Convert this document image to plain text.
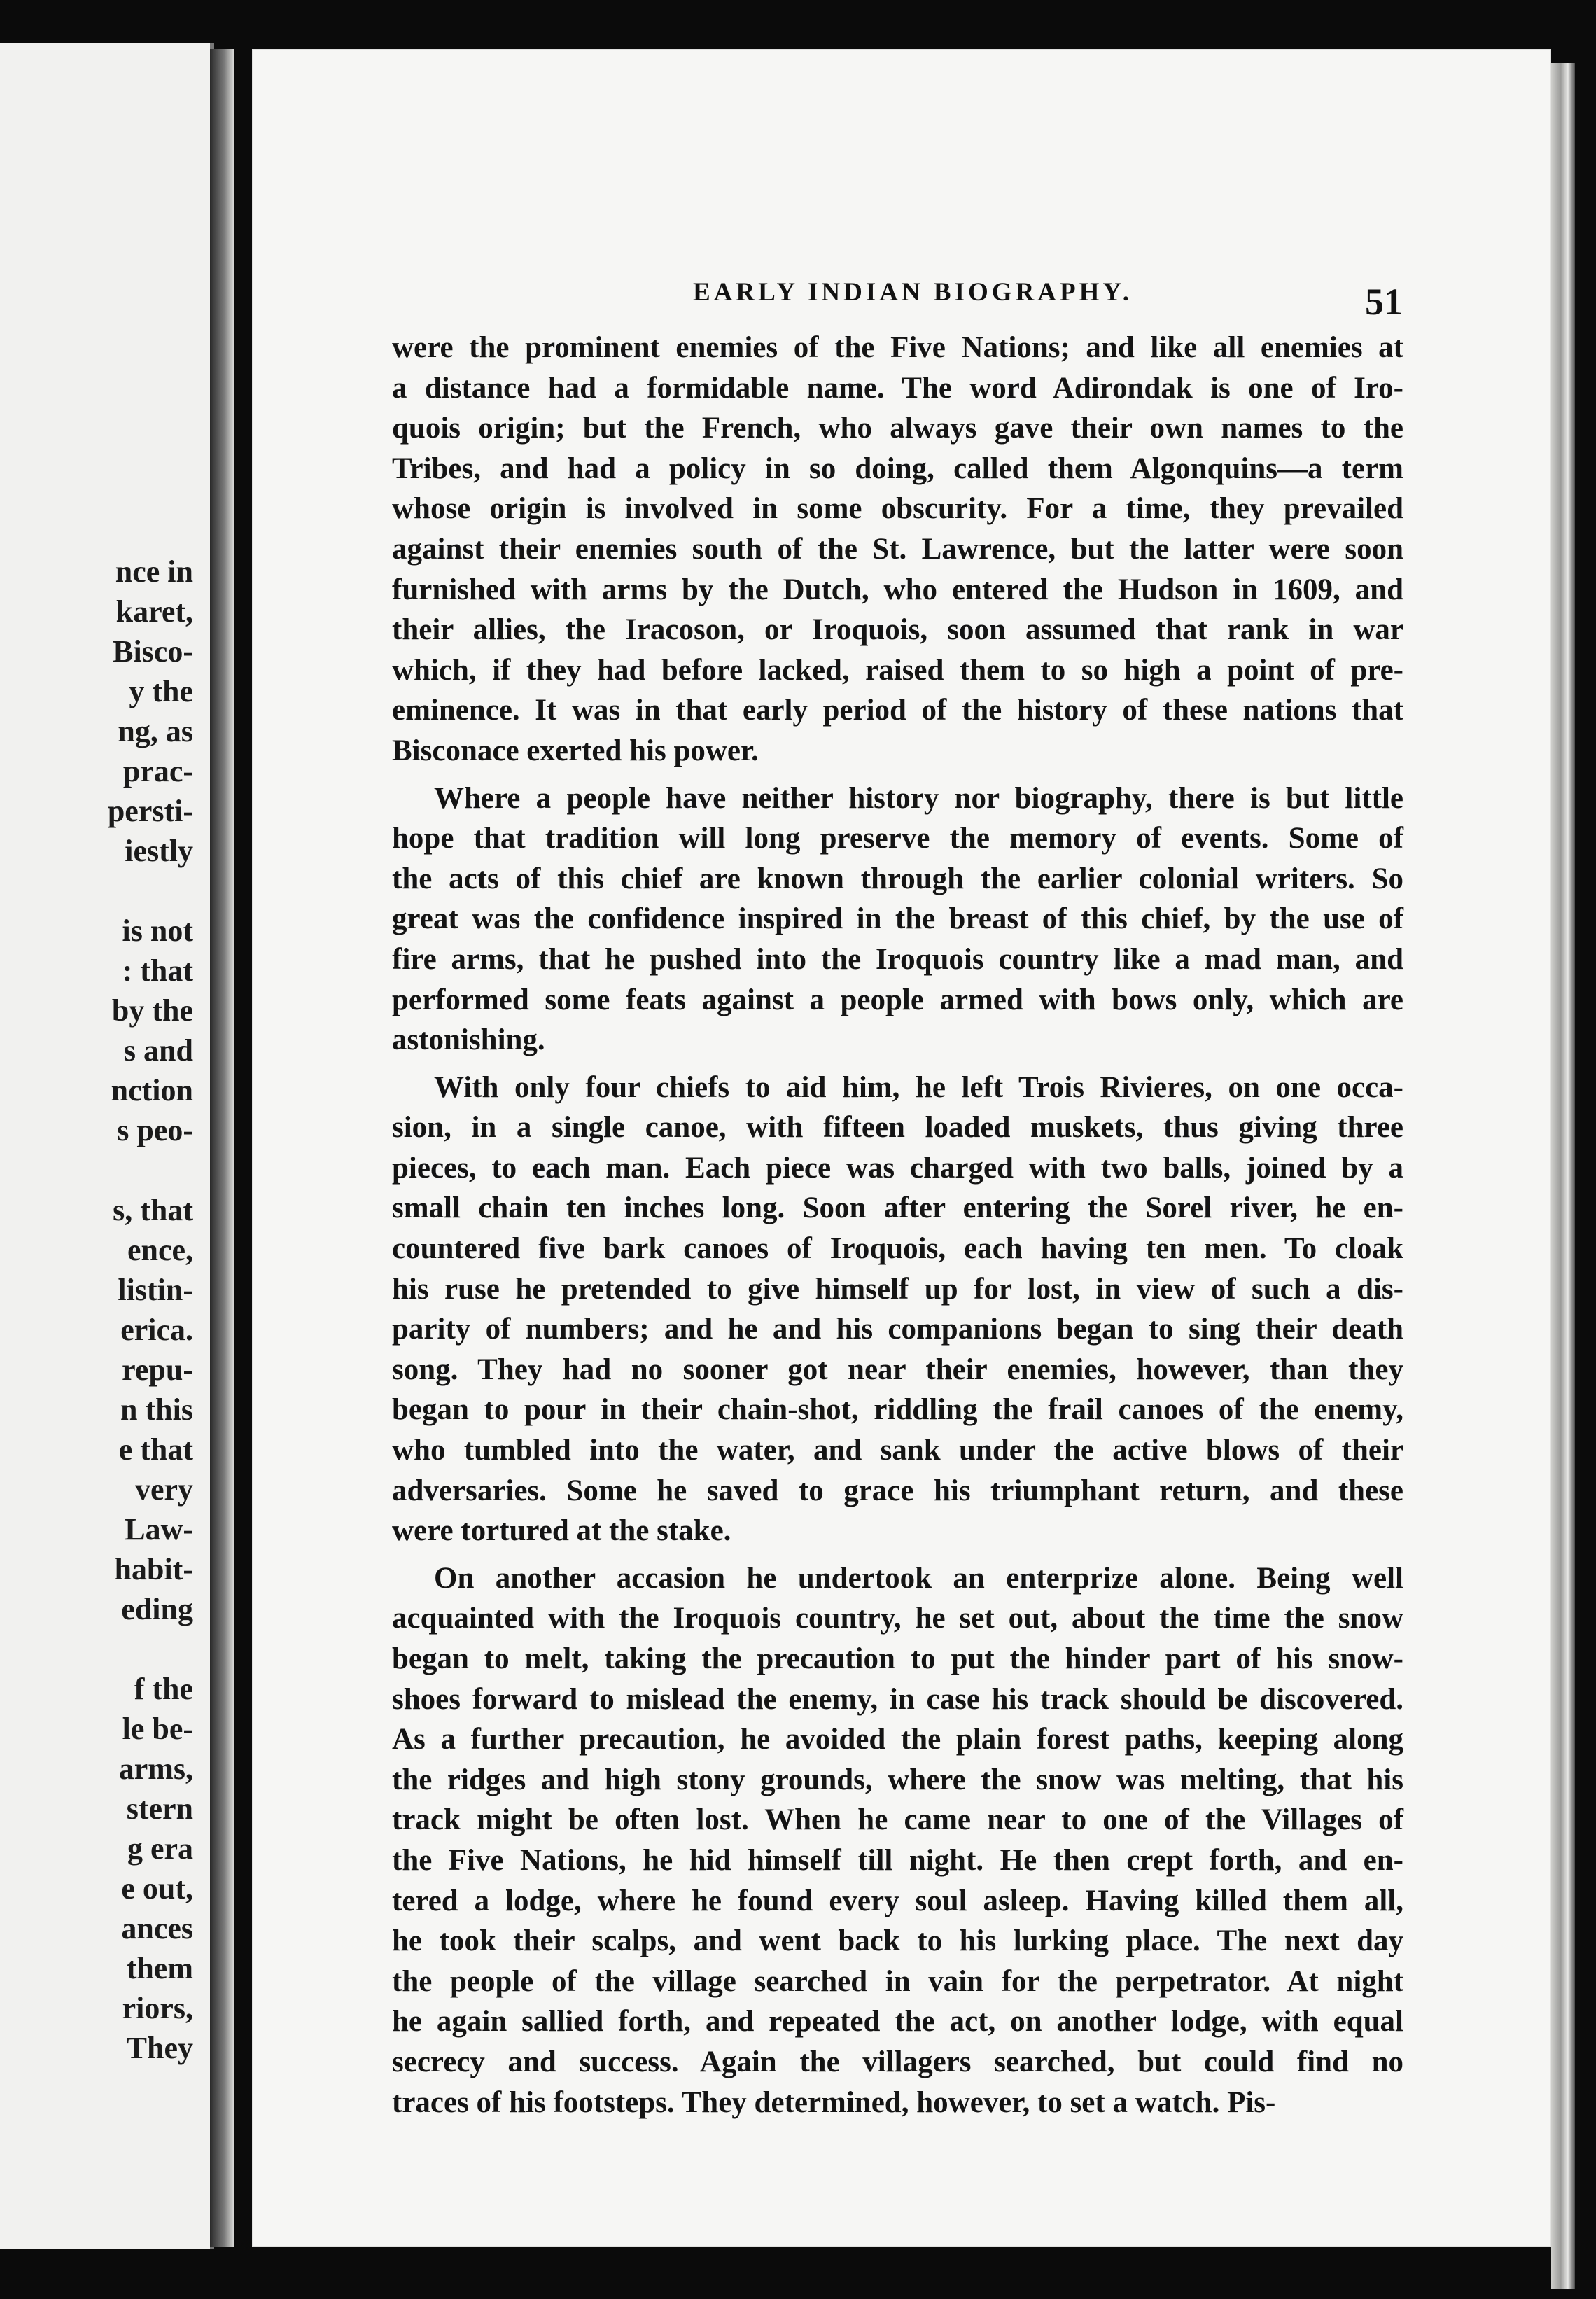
nce in
karet,
Bisco-
y the
ng, as
prac-
persti-
iestly
is not
: that
by the
s and
nction
s peo-
s, that
ence,
listin-
erica.
repu-
n this
e that
very
Law-
habit-
eding
f the
le be-
arms,
stern
g era
e out,
ances
them
riors,
They
EARLY INDIAN BIOGRAPHY.	51
were the prominent enemies of the Five Nations; and like all enemies at
a distance had a formidable name. The word Adirondak is one of Iro-
quois origin; but the French, who always gave their own names to the
Tribes, and had a policy in so doing, called them Algonquins—a term
whose origin is involved in some obscurity. For a time, they prevailed
against their enemies south of the St. Lawrence, but the latter were soon
furnished with arms by the Dutch, who entered the Hudson in 1609, and
their allies, the Iracoson, or Iroquois, soon assumed that rank in war
which, if they had before lacked, raised them to so high a point of pre-
eminence. It was in that early period of the history of these nations that
Bisconace exerted his power.
Where a people have neither history nor biography, there is but little
hope that tradition will long preserve the memory of events. Some of
the acts of this chief are known through the earlier colonial writers. So
great was the confidence inspired in the breast of this chief, by the use of
fire arms, that he pushed into the Iroquois country like a mad man, and
performed some feats against a people armed with bows only, which are
astonishing.
With only four chiefs to aid him, he left Trois Rivieres, on one occa-
sion, in a single canoe, with fifteen loaded muskets, thus giving three
pieces, to each man. Each piece was charged with two balls, joined by a
small chain ten inches long. Soon after entering the Sorel river, he en-
countered five bark canoes of Iroquois, each having ten men. To cloak
his ruse he pretended to give himself up for lost, in view of such a dis-
parity of numbers; and he and his companions began to sing their death
song. They had no sooner got near their enemies, however, than they
began to pour in their chain-shot, riddling the frail canoes of the enemy,
who tumbled into the water, and sank under the active blows of their
adversaries. Some he saved to grace his triumphant return, and these
were tortured at the stake.
On another accasion he undertook an enterprize alone. Being well
acquainted with the Iroquois country, he set out, about the time the snow
began to melt, taking the precaution to put the hinder part of his snow-
shoes forward to mislead the enemy, in case his track should be discovered.
As a further precaution, he avoided the plain forest paths, keeping along
the ridges and high stony grounds, where the snow was melting, that his
track might be often lost. When he came near to one of the Villages of
the Five Nations, he hid himself till night. He then crept forth, and en-
tered a lodge, where he found every soul asleep. Having killed them all,
he took their scalps, and went back to his lurking place. The next day
the people of the village searched in vain for the perpetrator. At night
he again sallied forth, and repeated the act, on another lodge, with equal
secrecy and success. Again the villagers searched, but could find no
traces of his footsteps. They determined, however, to set a watch. Pis-
